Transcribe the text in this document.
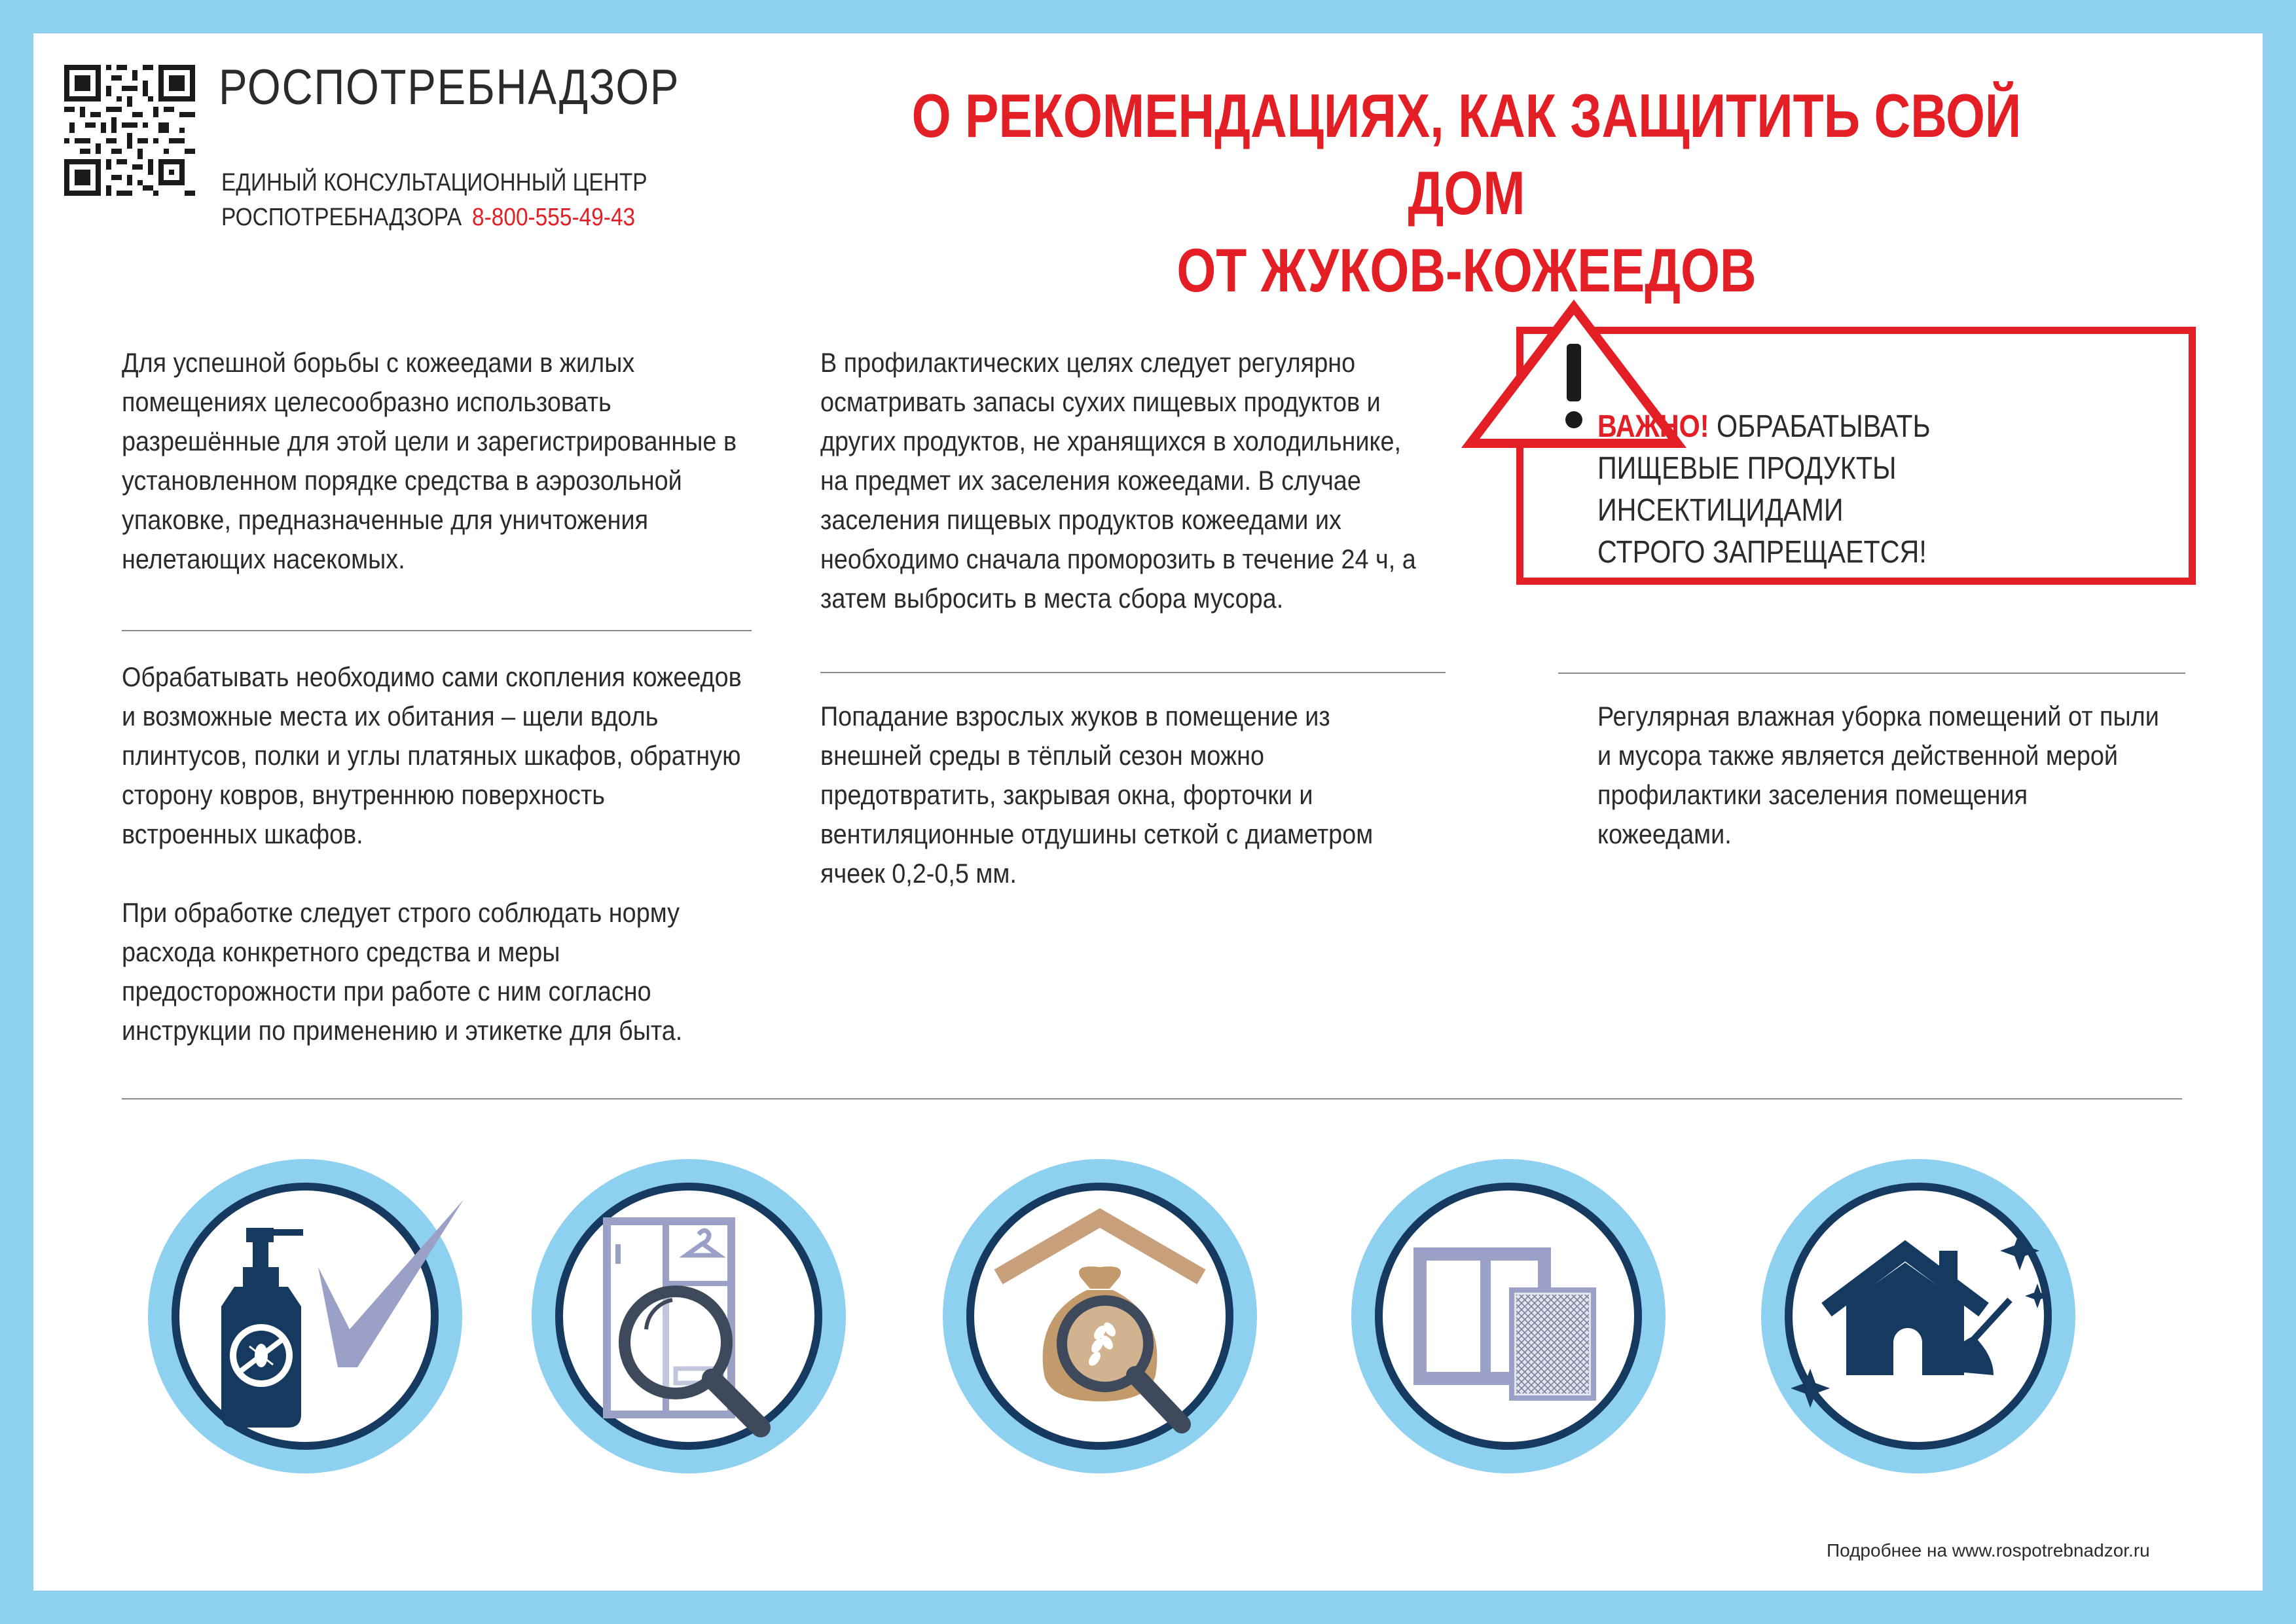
РОСПОТРЕБНАДЗОР
ЕДИНЫЙ КОНСУЛЬТАЦИОННЫЙ ЦЕНТР
РОСПОТРЕБНАДЗОРА 8-800-555-49-43
О РЕКОМЕНДАЦИЯХ, КАК ЗАЩИТИТЬ СВОЙ ДОМ
ОТ ЖУКОВ-КОЖЕЕДОВ

Для успешной борьбы с кожеедами в жилых помещениях целесообразно использовать разрешённые для этой цели и зарегистрированные в установленном порядке средства в аэрозольной упаковке, предназначенные для уничтожения нелетающих насекомых.

Обрабатывать необходимо сами скопления кожеедов и возможные места их обитания – щели вдоль плинтусов, полки и углы платяных шкафов, обратную сторону ковров, внутреннюю поверхность встроенных шкафов.

При обработке следует строго соблюдать норму расхода конкретного средства и меры предосторожности при работе с ним согласно инструкции по применению и этикетке для быта.

В профилактических целях следует регулярно осматривать запасы сухих пищевых продуктов и других продуктов, не хранящихся в холодильнике, на предмет их заселения кожеедами. В случае заселения пищевых продуктов кожеедами их необходимо сначала проморозить в течение 24 ч, а затем выбросить в места сбора мусора.

Попадание взрослых жуков в помещение из внешней среды в тёплый сезон можно предотвратить, закрывая окна, форточки и вентиляционные отдушины сеткой с диаметром ячеек 0,2-0,5 мм.

ВАЖНО! ОБРАБАТЫВАТЬ
ПИЩЕВЫЕ ПРОДУКТЫ ИНСЕКТИЦИДАМИ
СТРОГО ЗАПРЕЩАЕТСЯ!

Регулярная влажная уборка помещений от пыли и мусора также является действенной мерой профилактики заселения помещения кожеедами.

Подробнее на www.rospotrebnadzor.ru
